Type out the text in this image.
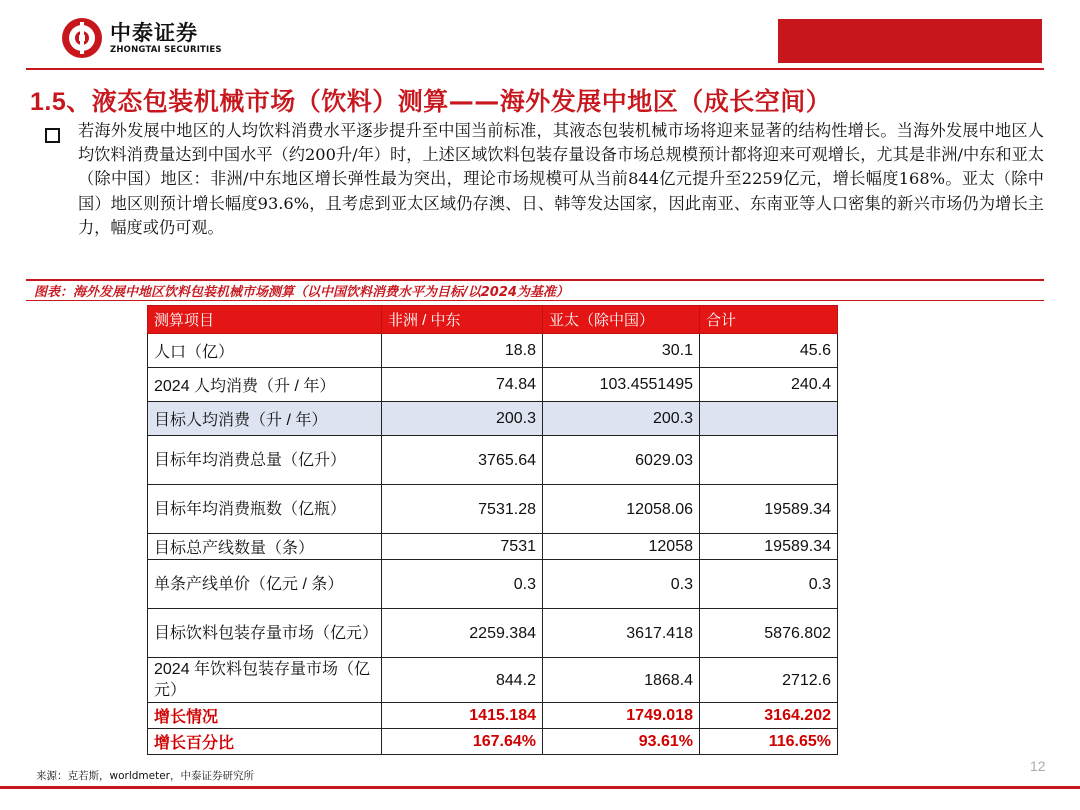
中泰证券
ZHONGTAI SECURITIES
1.5、液态包装机械市场（饮料）测算——海外发展中地区（成长空间）
若海外发展中地区的人均饮料消费水平逐步提升至中国当前标准，其液态包装机械市场将迎来显著的结构性增长。当海外发展中地区人均饮料消费量达到中国水平（约200升/年）时，上述区域饮料包装存量设备市场总规模预计都将迎来可观增长，尤其是非洲/中东和亚太（除中国）地区：非洲/中东地区增长弹性最为突出，理论市场规模可从当前844亿元提升至2259亿元，增长幅度168%。亚太（除中国）地区则预计增长幅度93.6%，且考虑到亚太区域仍存澳、日、韩等发达国家，因此南亚、东南亚等人口密集的新兴市场仍为增长主力，幅度或仍可观。
图表：海外发展中地区饮料包装机械市场测算（以中国饮料消费水平为目标/以2024为基准）
测算项目	非洲 / 中东	亚太（除中国）	合计
人口（亿）	18.8	30.1	45.6
2024 人均消费（升 / 年）	74.84	103.4551495	240.4
目标人均消费（升 / 年）	200.3	200.3	
目标年均消费总量（亿升）	3765.64	6029.03	
目标年均消费瓶数（亿瓶）	7531.28	12058.06	19589.34
目标总产线数量（条）	7531	12058	19589.34
单条产线单价（亿元 / 条）	0.3	0.3	0.3
目标饮料包装存量市场（亿元）	2259.384	3617.418	5876.802
2024 年饮料包装存量市场（亿元）	844.2	1868.4	2712.6
增长情况	1415.184	1749.018	3164.202
增长百分比	167.64%	93.61%	116.65%
来源：克若斯，worldmeter，中泰证券研究所
12
